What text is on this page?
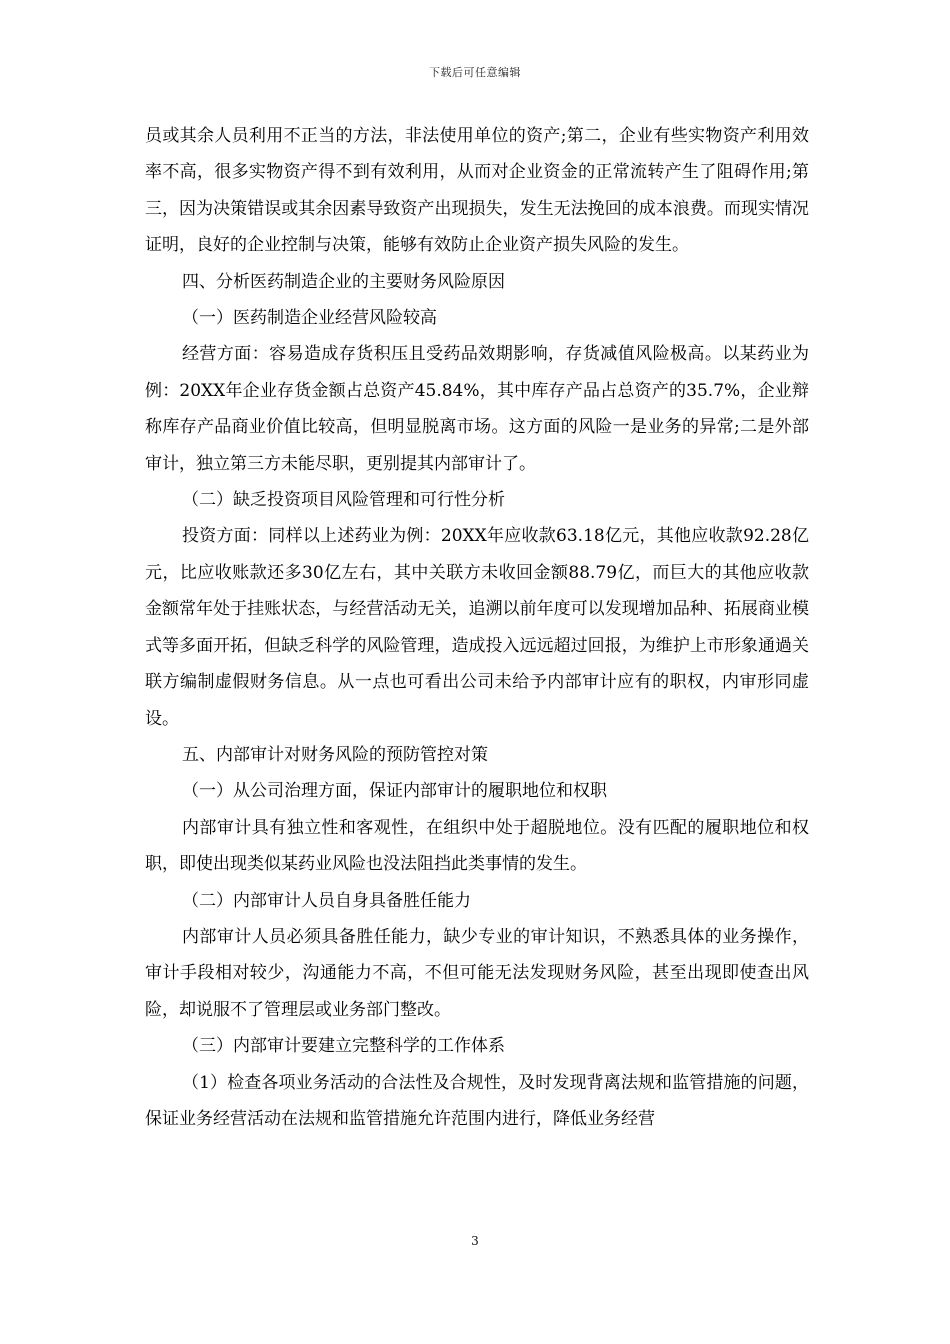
下载后可任意编辑

员或其余人员利用不正当的方法，非法使用单位的资产;第二，企业有些实物资产利用效率不高，很多实物资产得不到有效利用，从而对企业资金的正常流转产生了阻碍作用;第三，因为决策错误或其余因素导致资产出现损失，发生无法挽回的成本浪费。而现实情况证明，良好的企业控制与决策，能够有效防止企业资产损失风险的发生。

四、分析医药制造企业的主要财务风险原因

（一）医药制造企业经营风险较高

经营方面：容易造成存货积压且受药品效期影响，存货减值风险极高。以某药业为例：20XX年企业存货金额占总资产45.84%，其中库存产品占总资产的35.7%，企业辩称库存产品商业价值比较高，但明显脱离市场。这方面的风险一是业务的异常;二是外部审计，独立第三方未能尽职，更别提其内部审计了。

（二）缺乏投资项目风险管理和可行性分析

投资方面：同样以上述药业为例：20XX年应收款63.18亿元，其他应收款92.28亿元，比应收账款还多30亿左右，其中关联方未收回金额88.79亿，而巨大的其他应收款金额常年处于挂账状态，与经营活动无关，追溯以前年度可以发现增加品种、拓展商业模式等多面开拓，但缺乏科学的风险管理，造成投入远远超过回报，为维护上市形象通過关联方编制虚假财务信息。从一点也可看出公司未给予内部审计应有的职权，内审形同虚设。

五、内部审计对财务风险的预防管控对策

（一）从公司治理方面，保证内部审计的履职地位和权职

内部审计具有独立性和客观性，在组织中处于超脱地位。没有匹配的履职地位和权职，即使出现类似某药业风险也没法阻挡此类事情的发生。

（二）内部审计人员自身具备胜任能力

内部审计人员必须具备胜任能力，缺少专业的审计知识，不熟悉具体的业务操作， 审计手段相对较少，沟通能力不高，不但可能无法发现财务风险，甚至出现即使查出风险，却说服不了管理层或业务部门整改。

（三）内部审计要建立完整科学的工作体系

（1）检查各项业务活动的合法性及合规性，及时发现背离法规和监管措施的问题，保证业务经营活动在法规和监管措施允许范围内进行，降低业务经营

3
